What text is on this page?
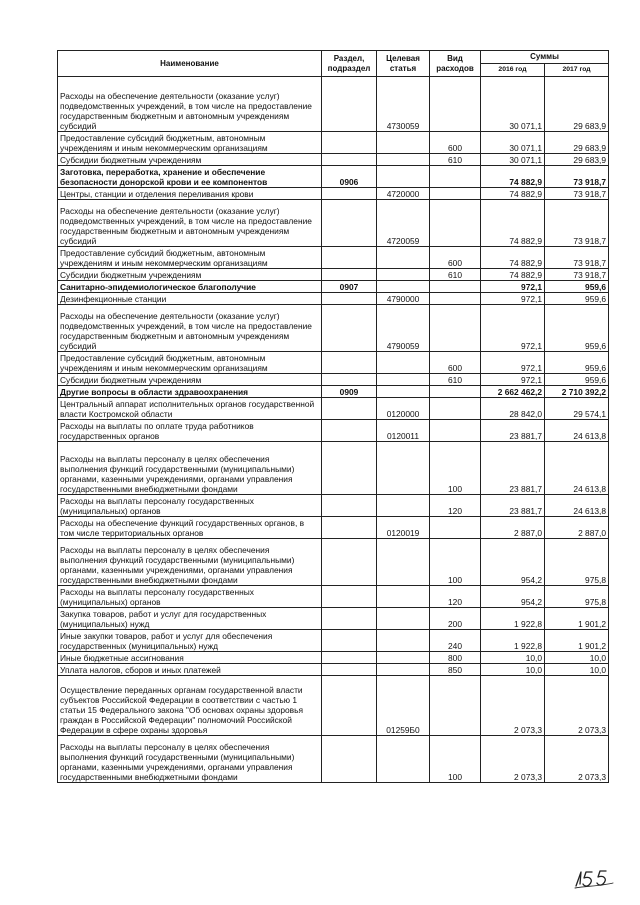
Наименование	Раздел, подраздел	Целевая статья	Вид расходов	Суммы	
				2016 год	2017 год
Расходы на обеспечение деятельности (оказание услуг) подведомственных учреждений, в том числе на предоставление государственным бюджетным и автономным учреждениям субсидий		4730059		30 071,1	29 683,9
Предоставление субсидий бюджетным, автономным учреждениям и иным некоммерческим организациям			600	30 071,1	29 683,9
Субсидии бюджетным учреждениям			610	30 071,1	29 683,9
Заготовка, переработка, хранение и обеспечение безопасности донорской крови и ее компонентов	0906			74 882,9	73 918,7
Центры, станции и отделения переливания крови		4720000		74 882,9	73 918,7
Расходы на обеспечение деятельности (оказание услуг) подведомственных учреждений, в том числе на предоставление государственным бюджетным и автономным учреждениям субсидий		4720059		74 882,9	73 918,7
Предоставление субсидий бюджетным, автономным учреждениям и иным некоммерческим организациям			600	74 882,9	73 918,7
Субсидии бюджетным учреждениям			610	74 882,9	73 918,7
Санитарно-эпидемиологическое благополучие	0907			972,1	959,6
Дезинфекционные станции		4790000		972,1	959,6
Расходы на обеспечение деятельности (оказание услуг) подведомственных учреждений, в том числе на предоставление государственным бюджетным и автономным учреждениям субсидий		4790059		972,1	959,6
Предоставление субсидий бюджетным, автономным учреждениям и иным некоммерческим организациям			600	972,1	959,6
Субсидии бюджетным учреждениям			610	972,1	959,6
Другие вопросы в области здравоохранения	0909			2 662 462,2	2 710 392,2
Центральный аппарат исполнительных органов государственной власти Костромской области		0120000		28 842,0	29 574,1
Расходы на выплаты по оплате труда работников государственных органов		0120011		23 881,7	24 613,8
Расходы на выплаты персоналу в целях обеспечения выполнения функций государственными (муниципальными) органами, казенными учреждениями, органами управления государственными внебюджетными фондами			100	23 881,7	24 613,8
Расходы на выплаты персоналу государственных (муниципальных) органов			120	23 881,7	24 613,8
Расходы на обеспечение функций государственных органов, в том числе территориальных органов		0120019		2 887,0	2 887,0
Расходы на выплаты персоналу в целях обеспечения выполнения функций государственными (муниципальными) органами, казенными учреждениями, органами управления государственными внебюджетными фондами			100	954,2	975,8
Расходы на выплаты персоналу государственных (муниципальных) органов			120	954,2	975,8
Закупка товаров, работ и услуг для государственных (муниципальных) нужд			200	1 922,8	1 901,2
Иные закупки товаров, работ и услуг для обеспечения государственных (муниципальных) нужд			240	1 922,8	1 901,2
Иные бюджетные ассигнования			800	10,0	10,0
Уплата налогов, сборов и иных платежей			850	10,0	10,0
Осуществление переданных органам государственной власти субъектов Российской Федерации в соответствии с частью 1 статьи 15 Федерального закона "Об основах охраны здоровья граждан в Российской Федерации" полномочий Российской Федерации в сфере охраны здоровья		01259Б0		2 073,3	2 073,3
Расходы на выплаты персоналу в целях обеспечения выполнения функций государственными (муниципальными) органами, казенными учреждениями, органами управления государственными внебюджетными фондами			100	2 073,3	2 073,3
